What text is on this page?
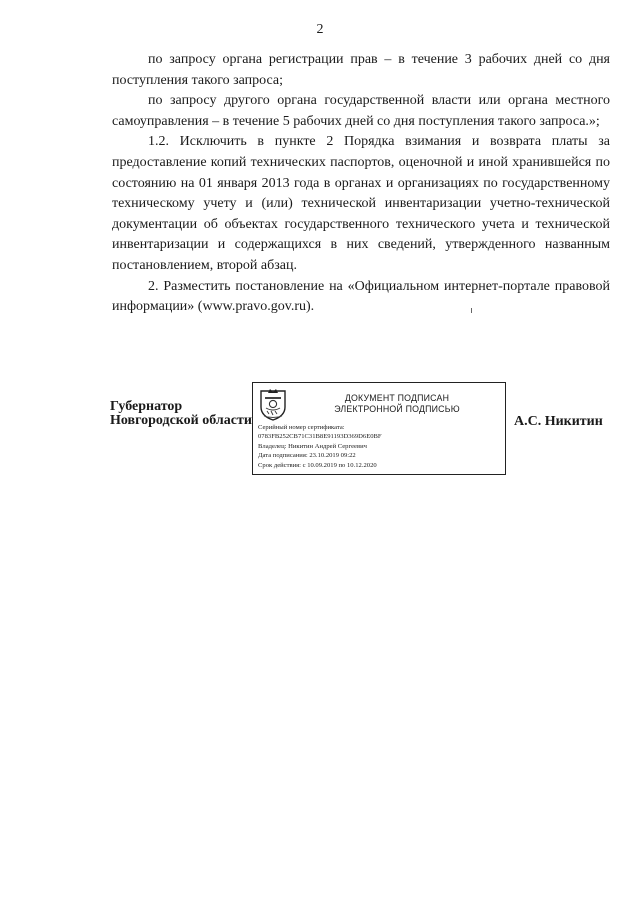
2

по запросу органа регистрации прав – в течение 3 рабочих дней со дня поступления такого запроса;

по запросу другого органа государственной власти или органа местного самоуправления – в течение 5 рабочих дней со дня поступления такого запроса.»;

1.2. Исключить в пункте 2 Порядка взимания и возврата платы за предоставление копий технических паспортов, оценочной и иной хранившейся по состоянию на 01 января 2013 года в органах и организациях по государственному техническому учету и (или) технической инвентаризации учетно-технической документации об объектах государственного технического учета и технической инвентаризации и содержащихся в них сведений, утвержденного названным постановлением, второй абзац.

2. Разместить постановление на «Официальном интернет-портале правовой информации» (www.pravo.gov.ru).

Губернатор
Новгородской области
ДОКУМЕНТ ПОДПИСАН
ЭЛЕКТРОННОЙ ПОДПИСЬЮ
Серийный номер сертификата:
0783FB252CB71C31B8E91193D369D6E0BF
Владелец: Никитин Андрей Сергеевич
Дата подписания: 23.10.2019 09:22
Срок действия: с 10.09.2019 по 10.12.2020
А.С. Никитин
